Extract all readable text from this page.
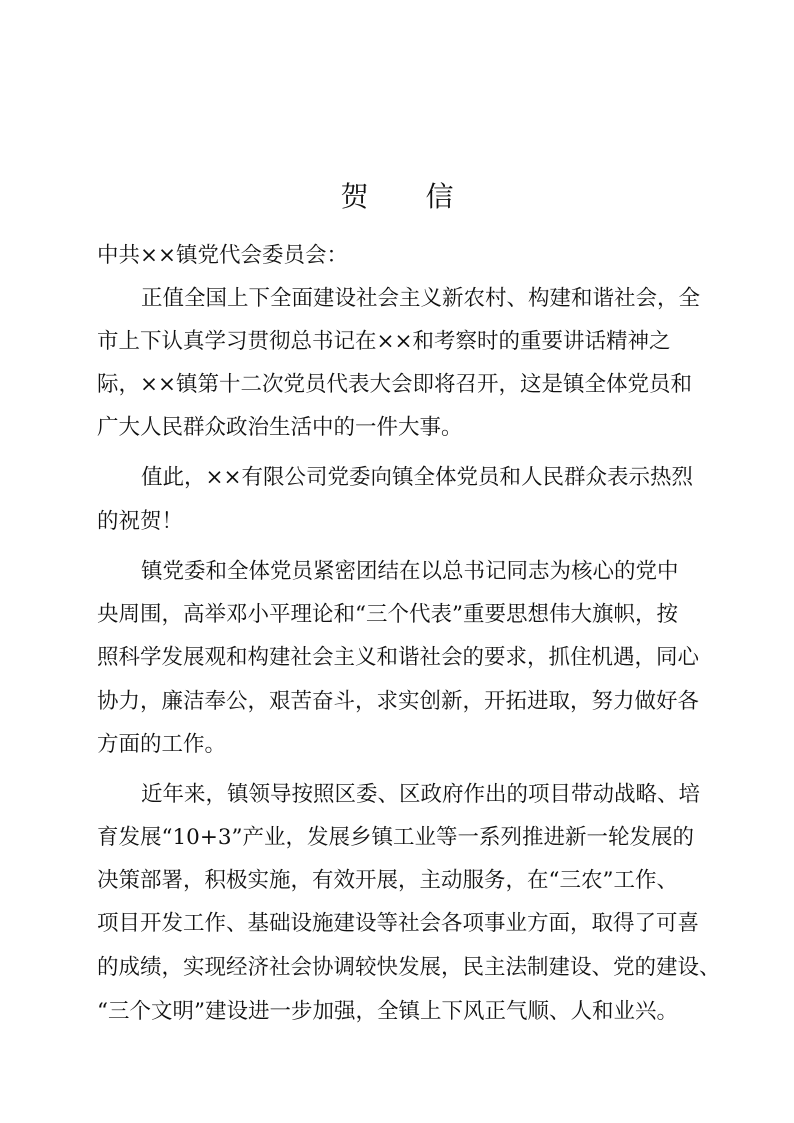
贺 信
中共××镇党代会委员会：
正值全国上下全面建设社会主义新农村、构建和谐社会，全
市上下认真学习贯彻总书记在××和考察时的重要讲话精神之
际，××镇第十二次党员代表大会即将召开，这是镇全体党员和
广大人民群众政治生活中的一件大事。
值此，××有限公司党委向镇全体党员和人民群众表示热烈
的祝贺！
镇党委和全体党员紧密团结在以总书记同志为核心的党中
央周围，高举邓小平理论和“三个代表”重要思想伟大旗帜，按
照科学发展观和构建社会主义和谐社会的要求，抓住机遇，同心
协力，廉洁奉公，艰苦奋斗，求实创新，开拓进取，努力做好各
方面的工作。
近年来，镇领导按照区委、区政府作出的项目带动战略、培
育发展“10+3”产业，发展乡镇工业等一系列推进新一轮发展的
决策部署，积极实施，有效开展，主动服务，在“三农”工作、
项目开发工作、基础设施建设等社会各项事业方面，取得了可喜
的成绩，实现经济社会协调较快发展，民主法制建设、党的建设、
“三个文明”建设进一步加强，全镇上下风正气顺、人和业兴。
